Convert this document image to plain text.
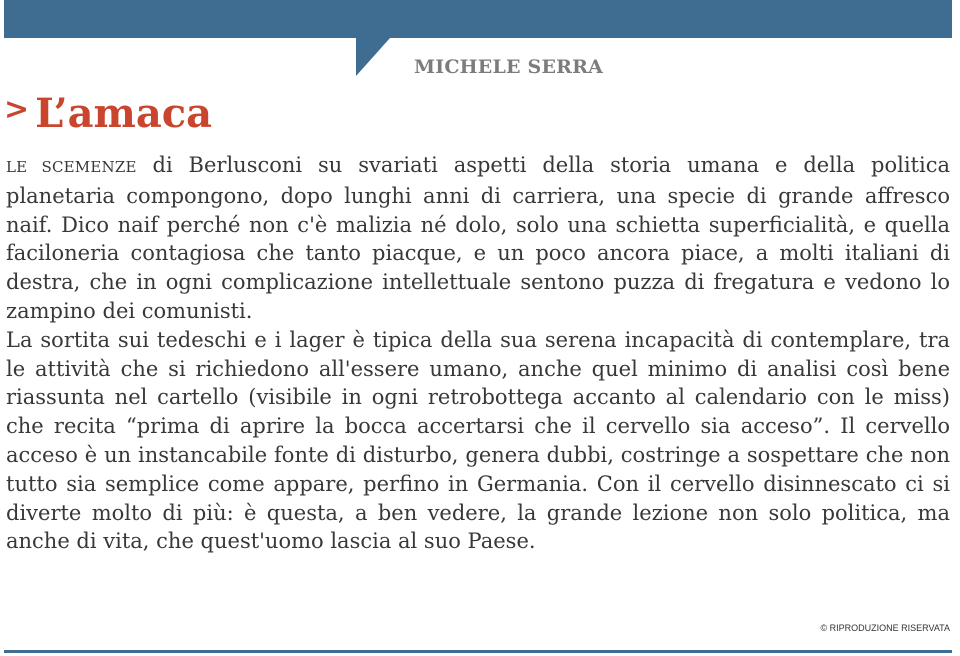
MICHELE SERRA
> L’amaca

LE SCEMENZE di Berlusconi su svariati aspetti della storia umana e della politica planetaria compongono, dopo lunghi anni di carriera, una specie di grande affresco naif. Dico naif perché non c'è malizia né dolo, solo una schietta superficialità, e quella faciloneria contagiosa che tanto piacque, e un poco ancora piace, a molti italiani di destra, che in ogni complicazione intellettuale sentono puzza di fregatura e vedono lo zampino dei comunisti.

La sortita sui tedeschi e i lager è tipica della sua serena incapacità di contemplare, tra le attività che si richiedono all'essere umano, anche quel minimo di analisi così bene riassunta nel cartello (visibile in ogni retrobottega accanto al calendario con le miss) che recita “prima di aprire la bocca accertarsi che il cervello sia acceso”. Il cervello acceso è un instancabile fonte di disturbo, genera dubbi, costringe a sospettare che non tutto sia semplice come appare, perfino in Germania. Con il cervello disinnescato ci si diverte molto di più: è questa, a ben vedere, la grande lezione non solo politica, ma anche di vita, che quest'uomo lascia al suo Paese.

© RIPRODUZIONE RISERVATA
